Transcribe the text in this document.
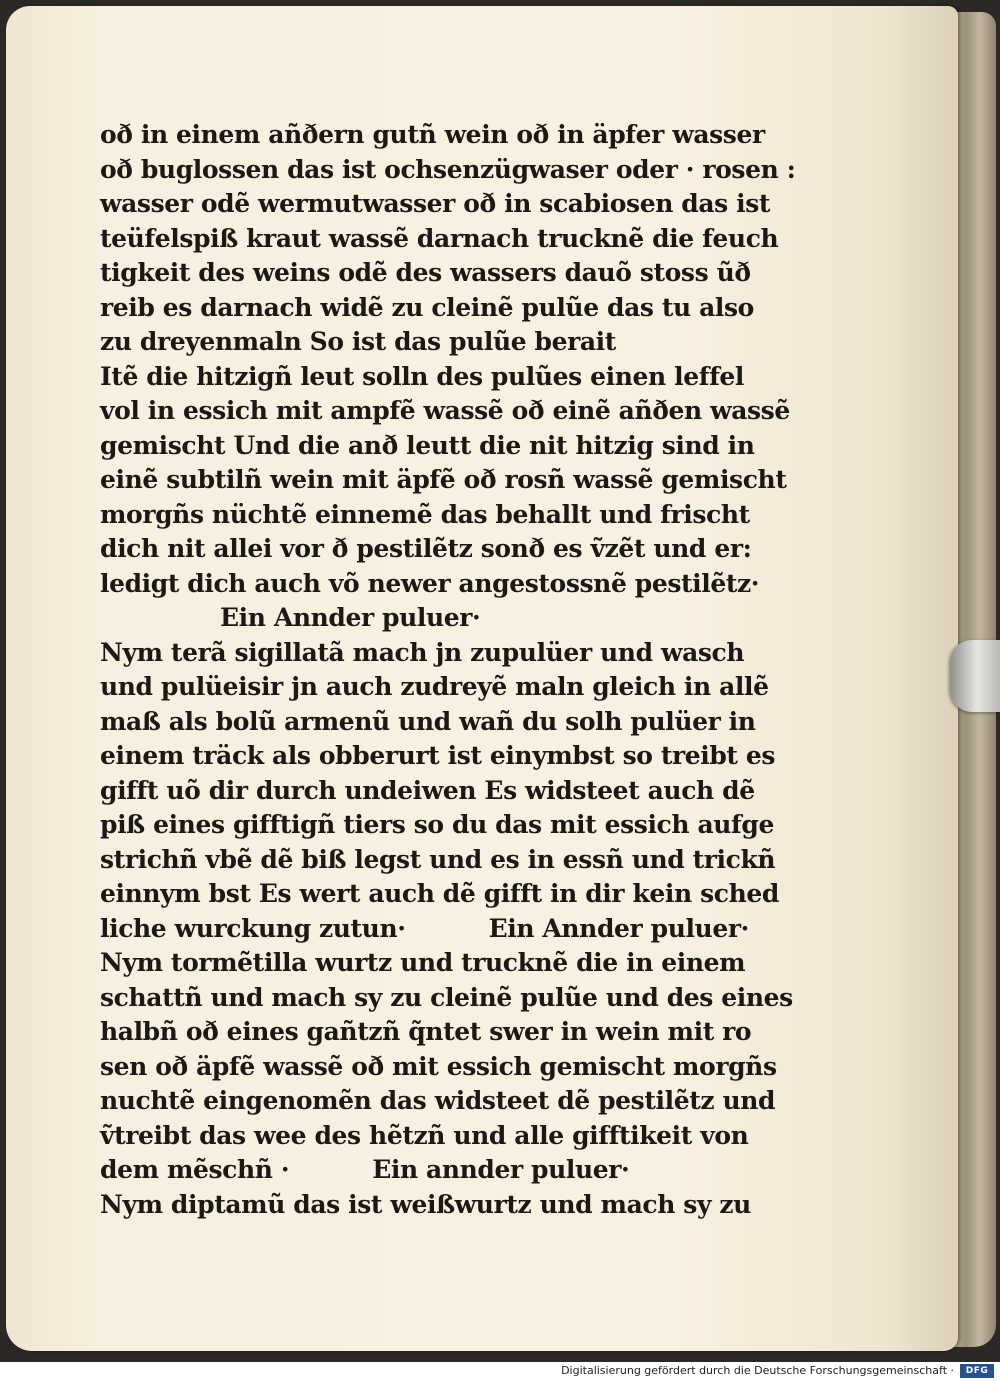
oð in einem añðern gutñ wein oð in äpfer wasser
oð buglossen das ist ochsenzügwaser oder · rosen :
wasser odẽ wermutwasser oð in scabiosen das ist
teüfelspiß kraut wassẽ darnach trucknẽ die feuch
tigkeit des weins odẽ des wassers dauõ stoss ũð
reib es darnach widẽ zu cleinẽ pulũe das tu also
zu dreyenmaln So ist das pulũe berait
Itẽ die hitzigñ leut solln des pulũes einen leffel
vol in essich mit ampfẽ wassẽ oð einẽ añðen wassẽ
gemischt Und die anð leutt die nit hitzig sind in
einẽ subtilñ wein mit äpfẽ oð rosñ wassẽ gemischt
morgñs nüchtẽ einnemẽ das behallt und frischt
dich nit allei vor ð pestilẽtz sonð es ṽzẽt und er:
ledigt dich auch võ newer angestossnẽ pestilẽtz·
Ein Annder puluer·
Nym terã sigillatã mach jn zupulüer und wasch
und pulüeisir jn auch zudreyẽ maln gleich in allẽ
maß als bolũ armenũ und wañ du solh pulüer in
einem träck als obberurt ist einymbst so treibt es
gifft uõ dir durch undeiwen Es widsteet auch dẽ
piß eines gifftigñ tiers so du das mit essich aufge
strichñ vbẽ dẽ biß legst und es in essñ und trickñ
einnym bst Es wert auch dẽ gifft in dir kein sched
liche wurckung zutun·          Ein Annder puluer·
Nym tormẽtilla wurtz und trucknẽ die in einem
schattñ und mach sy zu cleinẽ pulũe und des eines
halbñ oð eines gañtzñ q̃ntet swer in wein mit ro
sen oð äpfẽ wassẽ oð mit essich gemischt morgñs
nuchtẽ eingenomẽn das widsteet dẽ pestilẽtz und
ṽtreibt das wee des hẽtzñ und alle gifftikeit von
dem mẽschñ ·          Ein annder puluer·
Nym diptamũ das ist weißwurtz und mach sy zu
Digitalisierung gefördert durch die Deutsche Forschungsgemeinschaft ·	DFG
